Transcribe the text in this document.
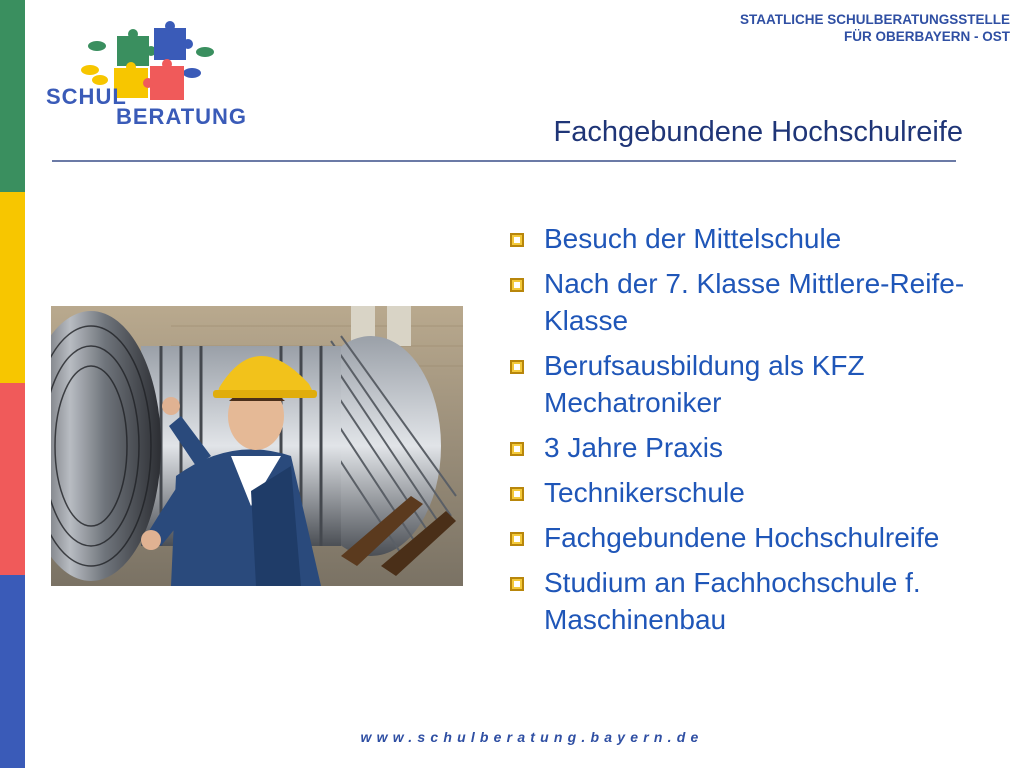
SCHUL
BERATUNG
STAATLICHE SCHULBERATUNGSSTELLE
FÜR OBERBAYERN - OST
Fachgebundene Hochschulreife
Besuch der Mittelschule
Nach der 7. Klasse Mittlere-Reife- Klasse
Berufsausbildung als KFZ Mechatroniker
3 Jahre Praxis
Technikerschule
Fachgebundene Hochschulreife
Studium an Fachhochschule f. Maschinenbau
www.schulberatung.bayern.de
